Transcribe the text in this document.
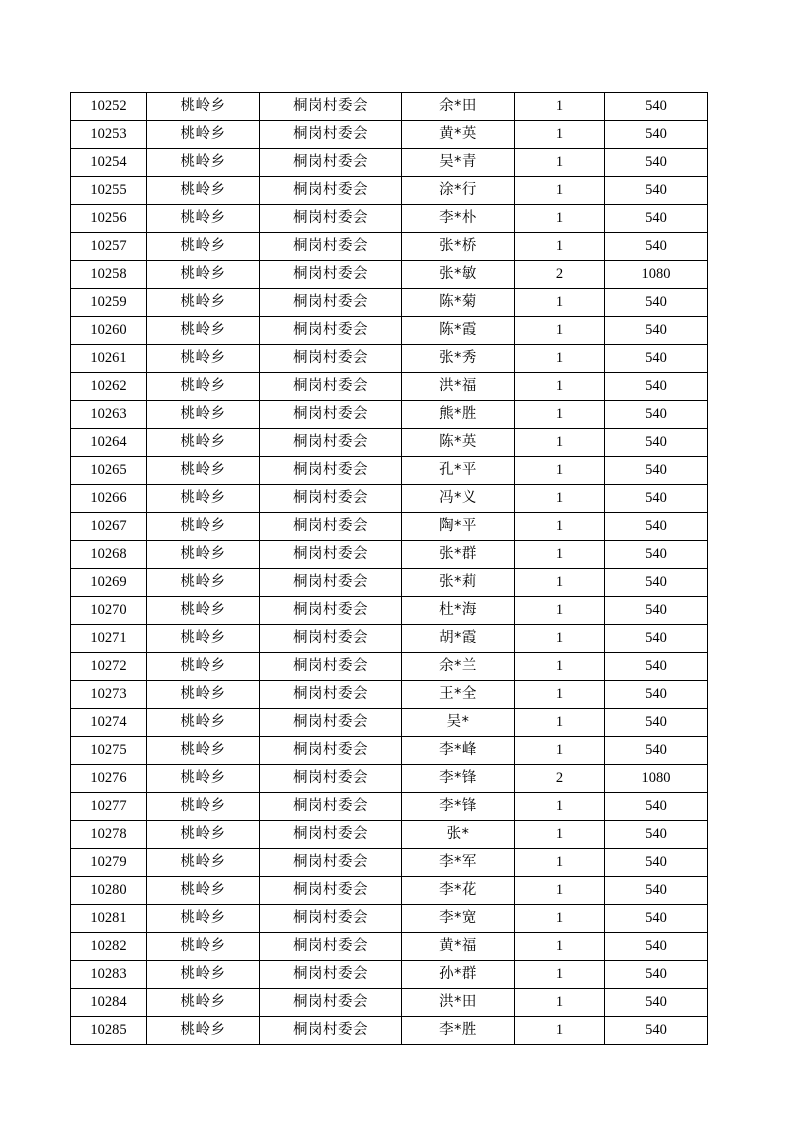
10252	桃岭乡	桐岗村委会	余*田	1	540
10253	桃岭乡	桐岗村委会	黄*英	1	540
10254	桃岭乡	桐岗村委会	吴*青	1	540
10255	桃岭乡	桐岗村委会	涂*行	1	540
10256	桃岭乡	桐岗村委会	李*朴	1	540
10257	桃岭乡	桐岗村委会	张*桥	1	540
10258	桃岭乡	桐岗村委会	张*敏	2	1080
10259	桃岭乡	桐岗村委会	陈*菊	1	540
10260	桃岭乡	桐岗村委会	陈*霞	1	540
10261	桃岭乡	桐岗村委会	张*秀	1	540
10262	桃岭乡	桐岗村委会	洪*福	1	540
10263	桃岭乡	桐岗村委会	熊*胜	1	540
10264	桃岭乡	桐岗村委会	陈*英	1	540
10265	桃岭乡	桐岗村委会	孔*平	1	540
10266	桃岭乡	桐岗村委会	冯*义	1	540
10267	桃岭乡	桐岗村委会	陶*平	1	540
10268	桃岭乡	桐岗村委会	张*群	1	540
10269	桃岭乡	桐岗村委会	张*莉	1	540
10270	桃岭乡	桐岗村委会	杜*海	1	540
10271	桃岭乡	桐岗村委会	胡*霞	1	540
10272	桃岭乡	桐岗村委会	余*兰	1	540
10273	桃岭乡	桐岗村委会	王*全	1	540
10274	桃岭乡	桐岗村委会	吴*	1	540
10275	桃岭乡	桐岗村委会	李*峰	1	540
10276	桃岭乡	桐岗村委会	李*锋	2	1080
10277	桃岭乡	桐岗村委会	李*锋	1	540
10278	桃岭乡	桐岗村委会	张*	1	540
10279	桃岭乡	桐岗村委会	李*军	1	540
10280	桃岭乡	桐岗村委会	李*花	1	540
10281	桃岭乡	桐岗村委会	李*宽	1	540
10282	桃岭乡	桐岗村委会	黄*福	1	540
10283	桃岭乡	桐岗村委会	孙*群	1	540
10284	桃岭乡	桐岗村委会	洪*田	1	540
10285	桃岭乡	桐岗村委会	李*胜	1	540
